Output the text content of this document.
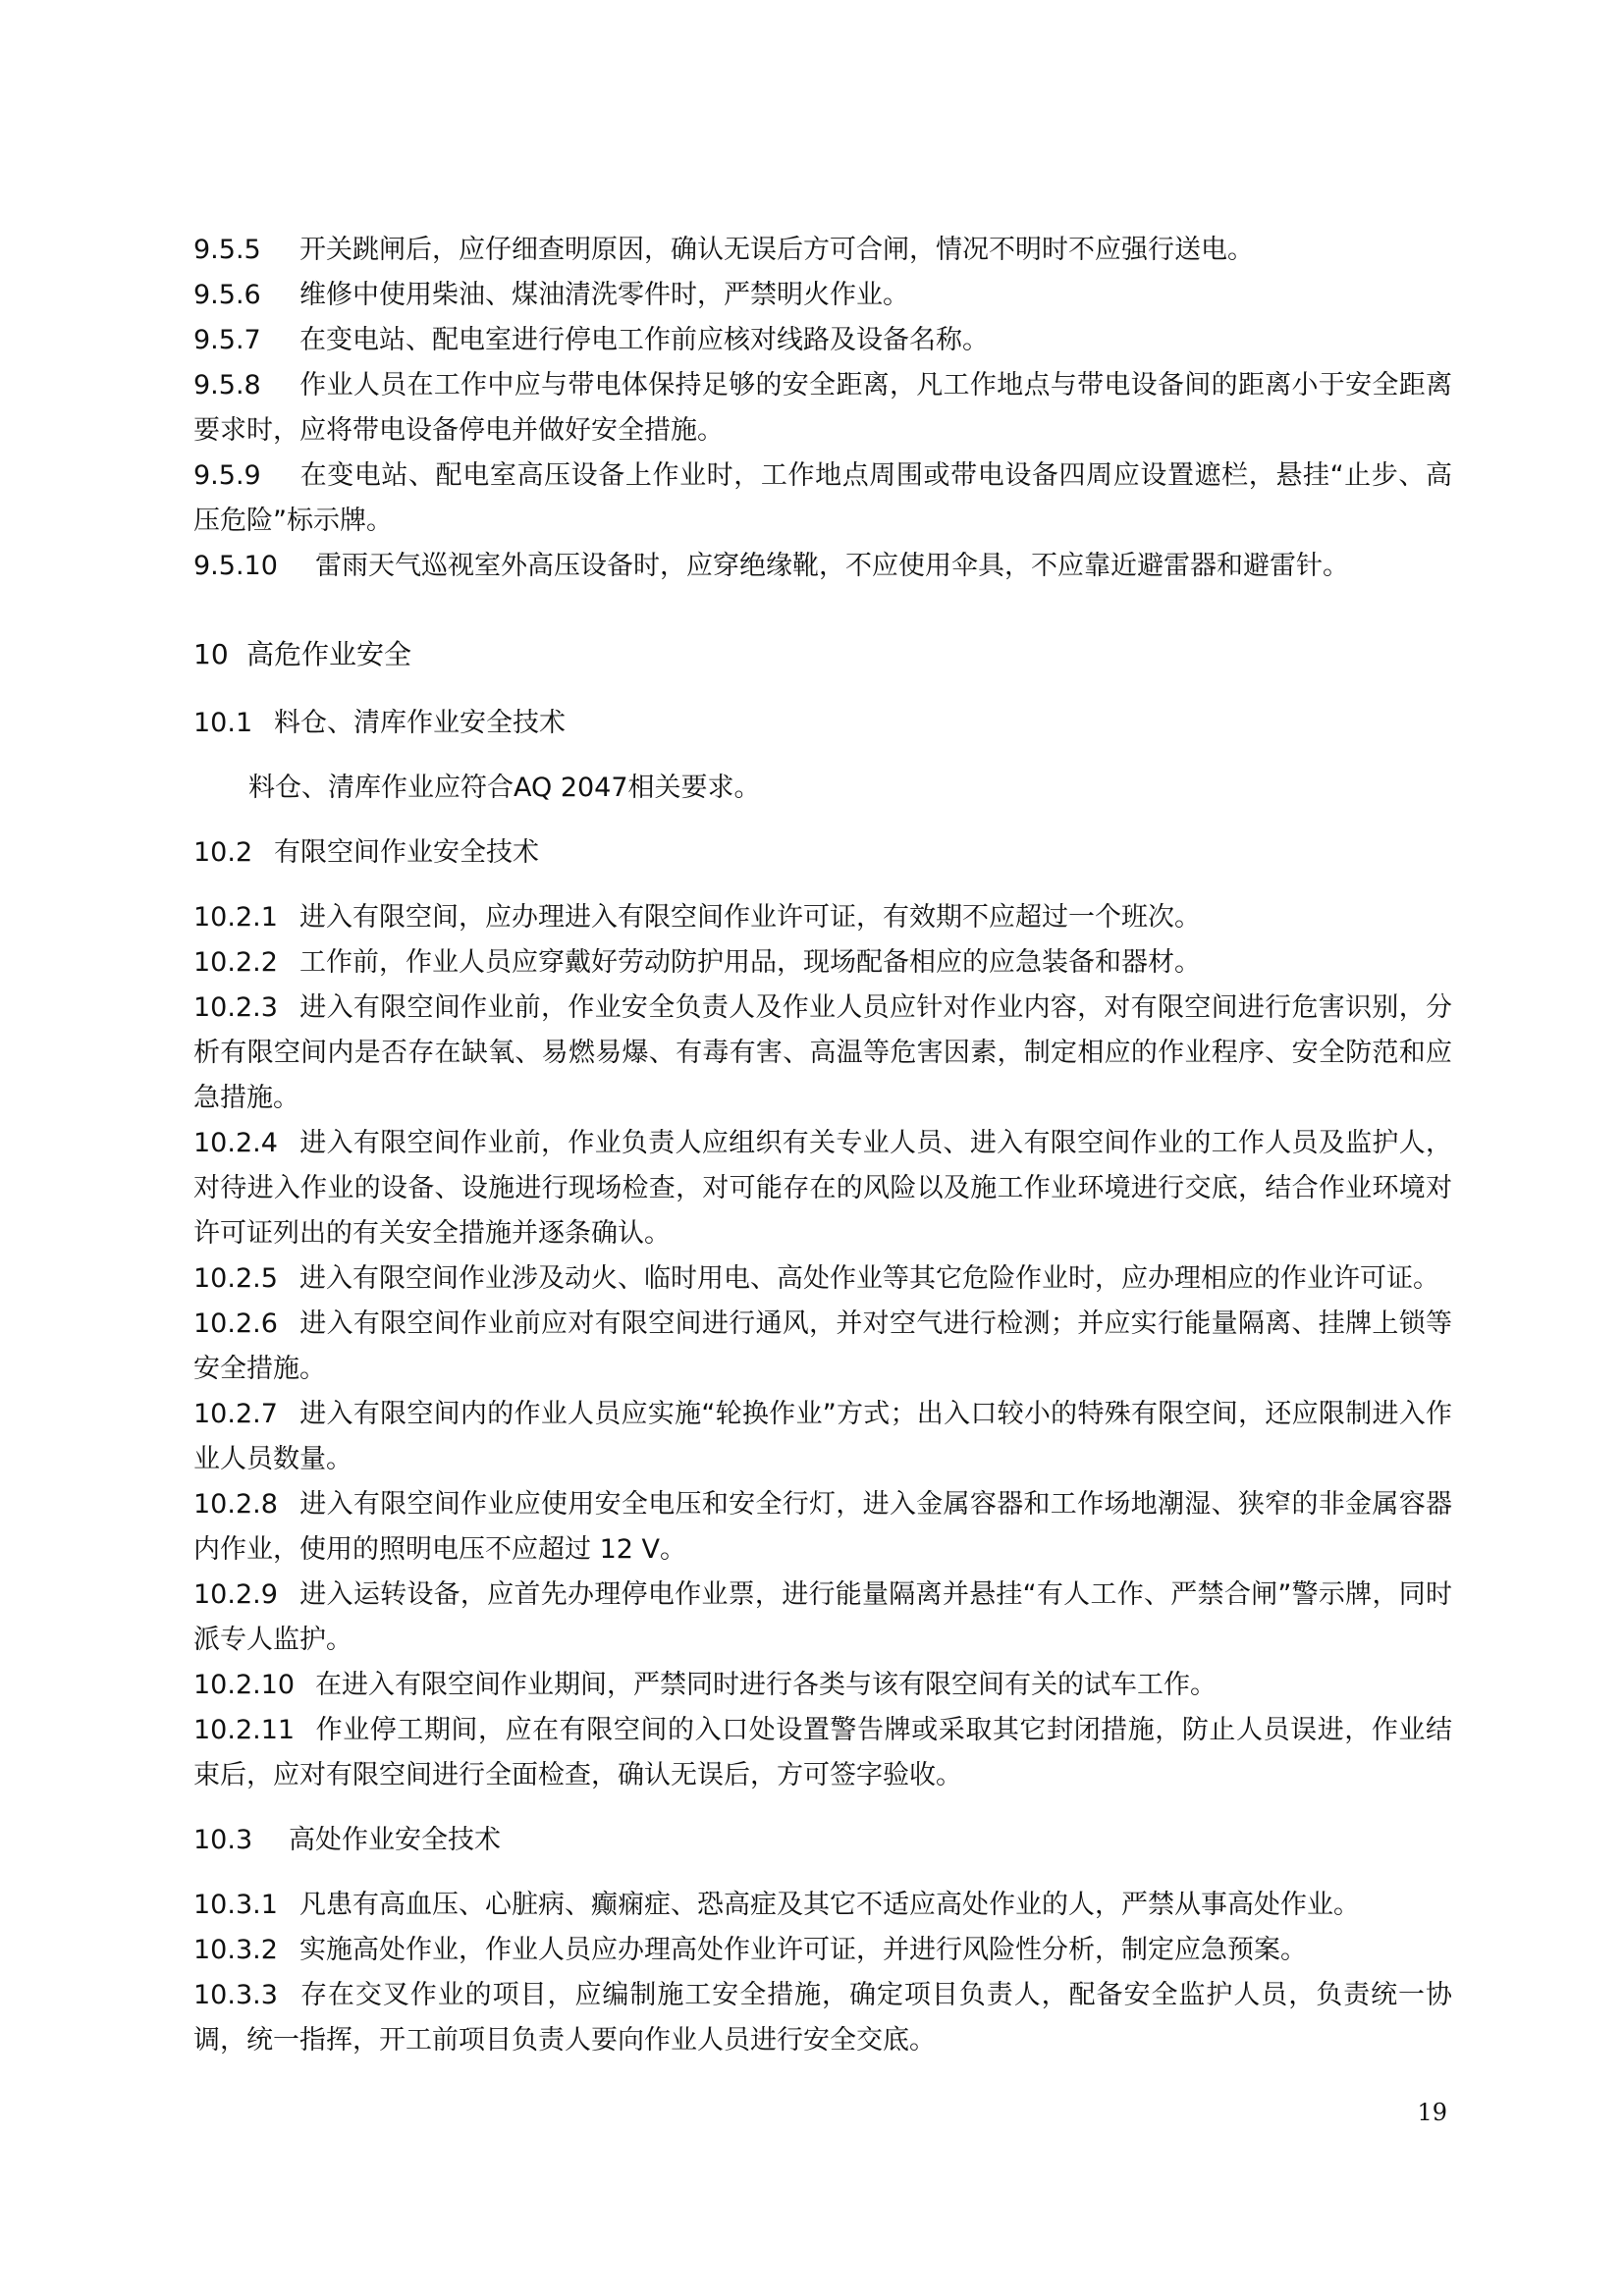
9.5.5 开关跳闸后，应仔细查明原因，确认无误后方可合闸，情况不明时不应强行送电。

9.5.6 维修中使用柴油、煤油清洗零件时，严禁明火作业。

9.5.7 在变电站、配电室进行停电工作前应核对线路及设备名称。

9.5.8 作业人员在工作中应与带电体保持足够的安全距离，凡工作地点与带电设备间的距离小于安全距离要求时，应将带电设备停电并做好安全措施。

9.5.9 在变电站、配电室高压设备上作业时，工作地点周围或带电设备四周应设置遮栏，悬挂“止步、高压危险”标示牌。

9.5.10 雷雨天气巡视室外高压设备时，应穿绝缘靴，不应使用伞具，不应靠近避雷器和避雷针。

10 高危作业安全

10.1 料仓、清库作业安全技术

料仓、清库作业应符合AQ 2047相关要求。

10.2 有限空间作业安全技术

10.2.1 进入有限空间，应办理进入有限空间作业许可证，有效期不应超过一个班次。

10.2.2 工作前，作业人员应穿戴好劳动防护用品，现场配备相应的应急装备和器材。

10.2.3 进入有限空间作业前，作业安全负责人及作业人员应针对作业内容，对有限空间进行危害识别，分析有限空间内是否存在缺氧、易燃易爆、有毒有害、高温等危害因素，制定相应的作业程序、安全防范和应急措施。

10.2.4 进入有限空间作业前，作业负责人应组织有关专业人员、进入有限空间作业的工作人员及监护人，对待进入作业的设备、设施进行现场检查，对可能存在的风险以及施工作业环境进行交底，结合作业环境对许可证列出的有关安全措施并逐条确认。

10.2.5 进入有限空间作业涉及动火、临时用电、高处作业等其它危险作业时，应办理相应的作业许可证。

10.2.6 进入有限空间作业前应对有限空间进行通风，并对空气进行检测；并应实行能量隔离、挂牌上锁等安全措施。

10.2.7 进入有限空间内的作业人员应实施“轮换作业”方式；出入口较小的特殊有限空间，还应限制进入作业人员数量。

10.2.8 进入有限空间作业应使用安全电压和安全行灯，进入金属容器和工作场地潮湿、狭窄的非金属容器内作业，使用的照明电压不应超过 12 V。

10.2.9 进入运转设备，应首先办理停电作业票，进行能量隔离并悬挂“有人工作、严禁合闸”警示牌，同时派专人监护。

10.2.10 在进入有限空间作业期间，严禁同时进行各类与该有限空间有关的试车工作。

10.2.11 作业停工期间，应在有限空间的入口处设置警告牌或采取其它封闭措施，防止人员误进，作业结束后，应对有限空间进行全面检查，确认无误后，方可签字验收。

10.3 高处作业安全技术

10.3.1 凡患有高血压、心脏病、癫痫症、恐高症及其它不适应高处作业的人，严禁从事高处作业。

10.3.2 实施高处作业，作业人员应办理高处作业许可证，并进行风险性分析，制定应急预案。

10.3.3 存在交叉作业的项目，应编制施工安全措施，确定项目负责人，配备安全监护人员，负责统一协调，统一指挥，开工前项目负责人要向作业人员进行安全交底。

19
